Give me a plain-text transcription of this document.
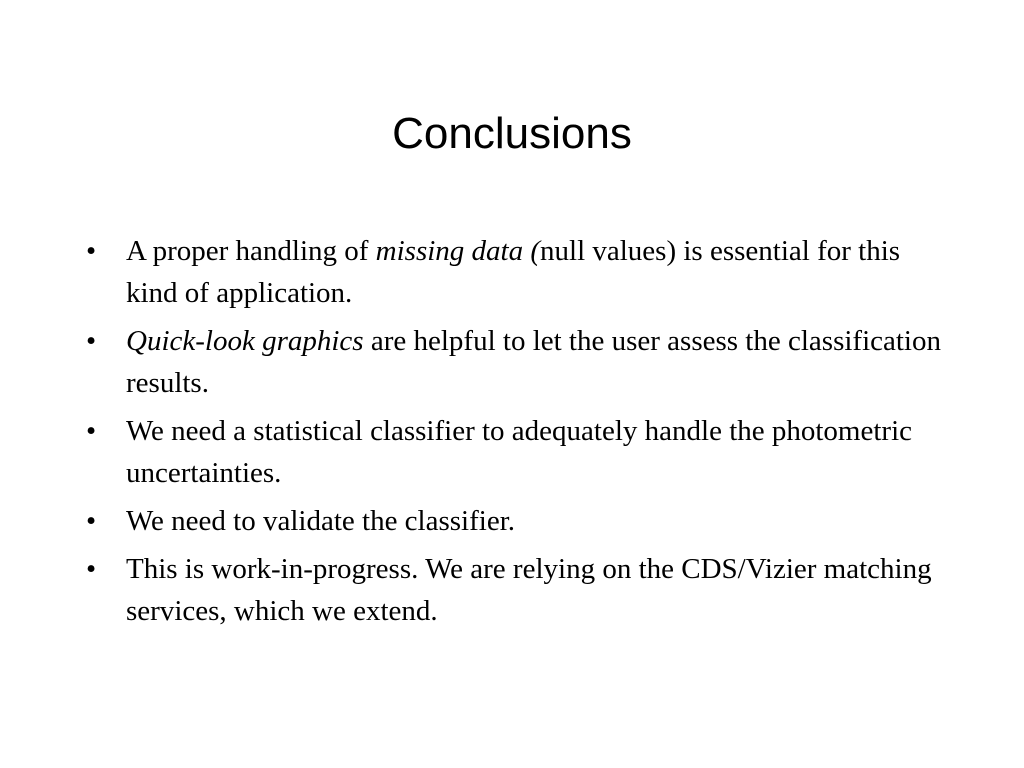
Conclusions
• A proper handling of missing data (null values) is essential for this kind of application.
• Quick-look graphics are helpful to let the user assess the classification results.
• We need a statistical classifier to adequately handle the photometric uncertainties.
• We need to validate the classifier.
• This is work-in-progress. We are relying on the CDS/Vizier matching services, which we extend.
